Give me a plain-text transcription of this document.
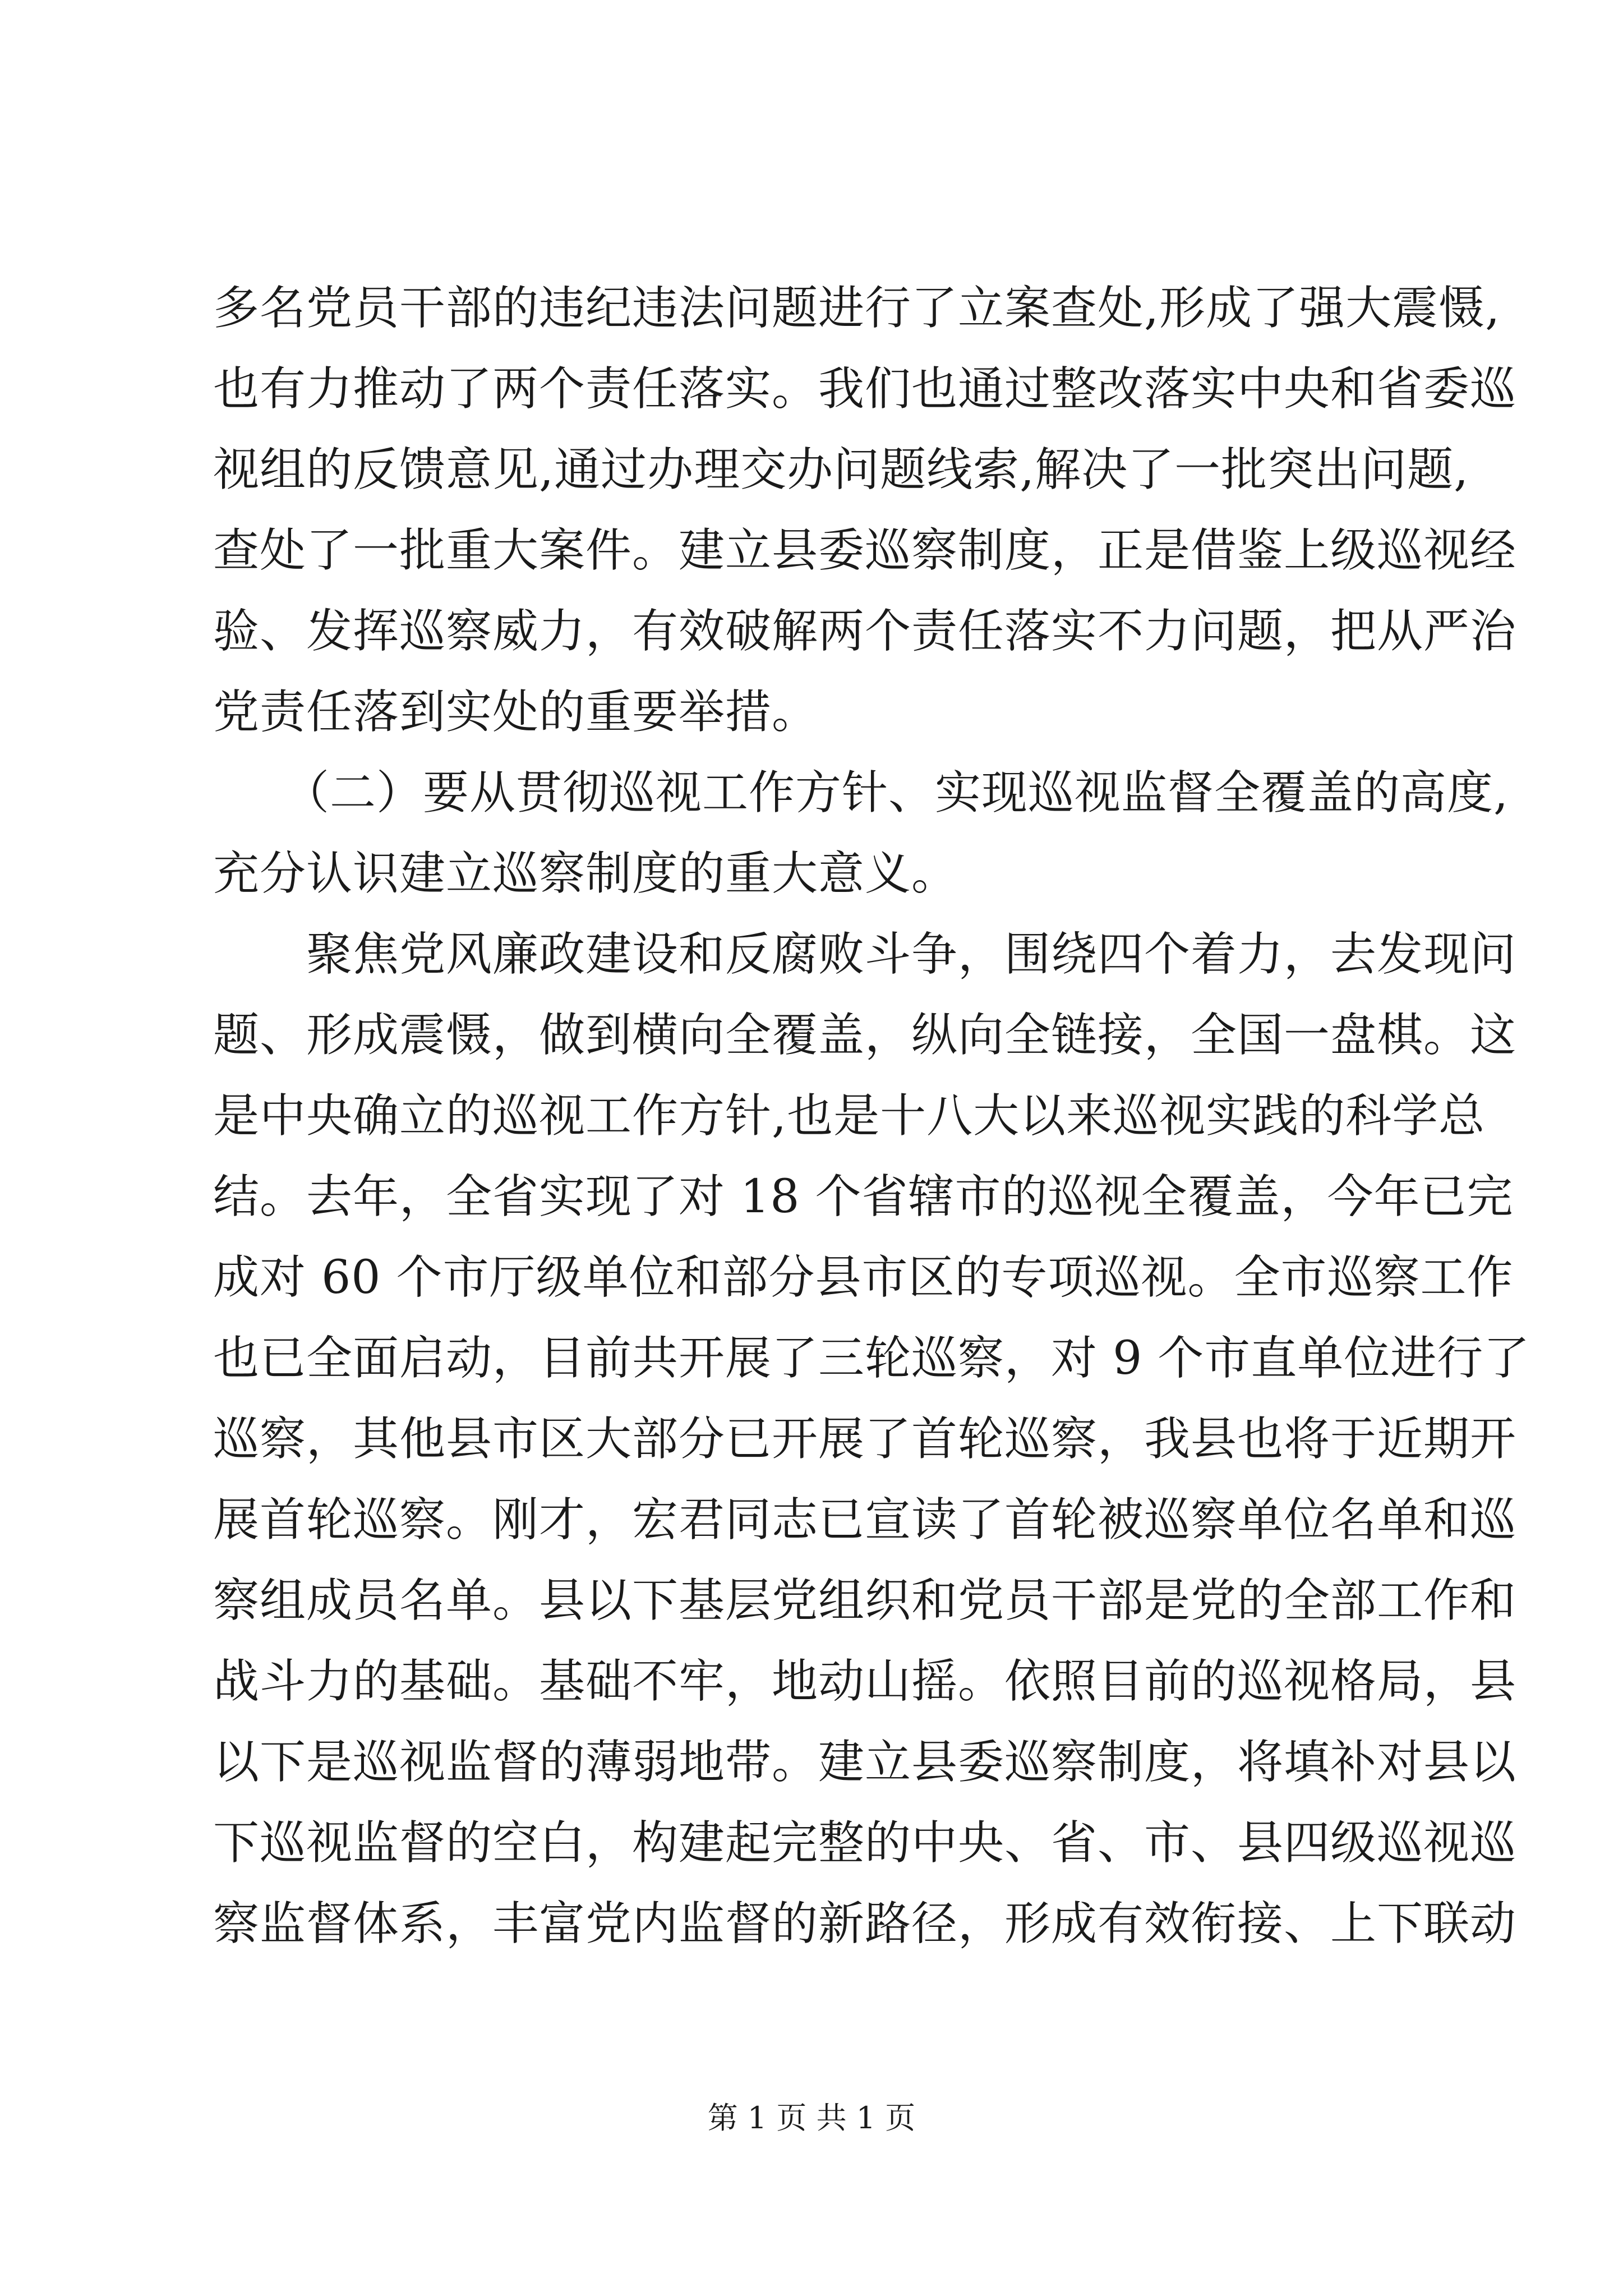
多名党员干部的违纪违法问题进行了立案查处,形成了强大震慑,
也有力推动了两个责任落实。我们也通过整改落实中央和省委巡
视组的反馈意见,通过办理交办问题线索,解决了一批突出问题,
查处了一批重大案件。建立县委巡察制度，正是借鉴上级巡视经
验、发挥巡察威力，有效破解两个责任落实不力问题，把从严治
党责任落到实处的重要举措。
　　（二）要从贯彻巡视工作方针、实现巡视监督全覆盖的高度,
充分认识建立巡察制度的重大意义。
　　聚焦党风廉政建设和反腐败斗争，围绕四个着力，去发现问
题、形成震慑，做到横向全覆盖，纵向全链接，全国一盘棋。这
是中央确立的巡视工作方针,也是十八大以来巡视实践的科学总
结。去年，全省实现了对 18 个省辖市的巡视全覆盖，今年已完
成对 60 个市厅级单位和部分县市区的专项巡视。全市巡察工作
也已全面启动，目前共开展了三轮巡察，对 9 个市直单位进行了
巡察，其他县市区大部分已开展了首轮巡察，我县也将于近期开
展首轮巡察。刚才，宏君同志已宣读了首轮被巡察单位名单和巡
察组成员名单。县以下基层党组织和党员干部是党的全部工作和
战斗力的基础。基础不牢，地动山摇。依照目前的巡视格局，县
以下是巡视监督的薄弱地带。建立县委巡察制度，将填补对县以
下巡视监督的空白，构建起完整的中央、省、市、县四级巡视巡
察监督体系，丰富党内监督的新路径，形成有效衔接、上下联动
第 1 页 共 1 页
